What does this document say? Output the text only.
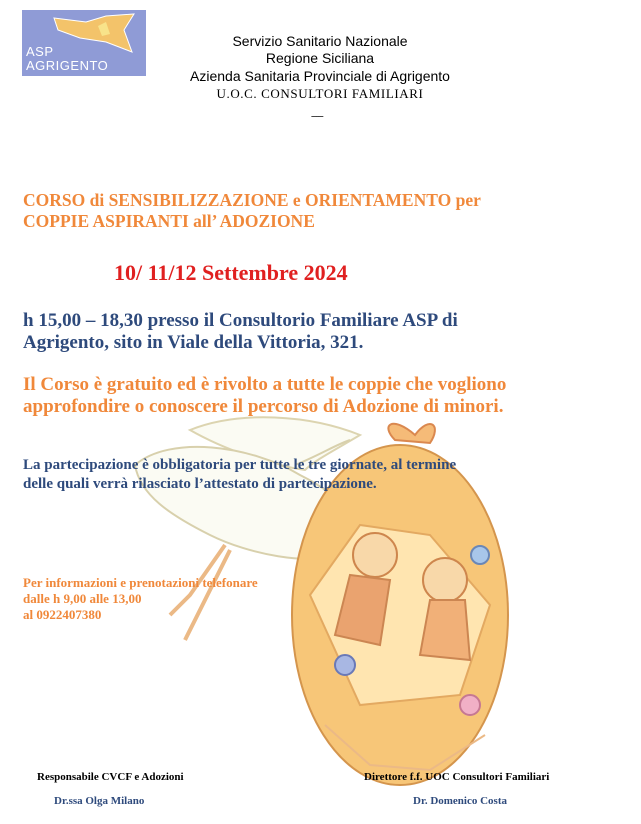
ASP
AGRIGENTO
Servizio Sanitario Nazionale
Regione Siciliana
Azienda Sanitaria Provinciale di Agrigento
U.O.C. CONSULTORI FAMILIARI
-----
CORSO di SENSIBILIZZAZIONE e ORIENTAMENTO per
COPPIE ASPIRANTI all’ ADOZIONE
10/ 11/12 Settembre 2024
h 15,00 – 18,30 presso il Consultorio Familiare ASP di
Agrigento, sito in Viale della Vittoria, 321.
Il Corso è gratuito ed è rivolto a tutte le coppie che vogliono
approfondire o conoscere il percorso di Adozione di minori.
La partecipazione è obbligatoria per tutte le tre giornate, al termine
delle quali verrà rilasciato l’attestato di partecipazione.
Per informazioni e prenotazioni telefonare
dalle h 9,00 alle 13,00
al 0922407380
Responsabile CVCF e Adozioni
Dr.ssa Olga Milano
Direttore f.f. UOC Consultori Familiari
Dr. Domenico Costa
